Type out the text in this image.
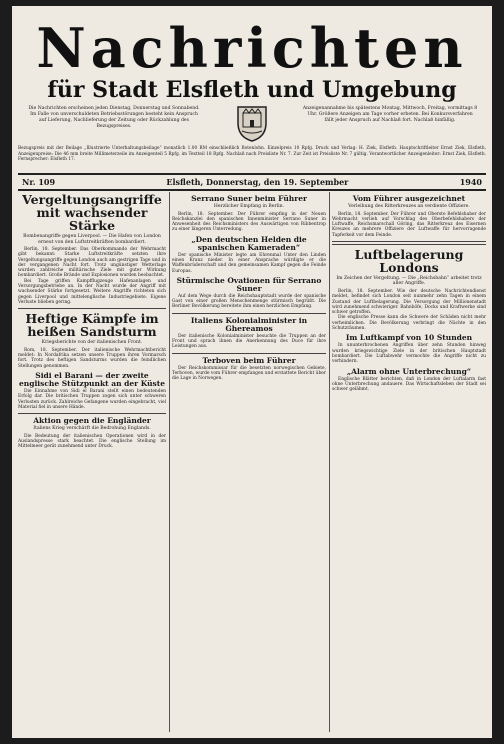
Nachrichten
für Stadt Elsfleth und Umgebung
Die Nachrichten erscheinen jeden Dienstag, Donnerstag und Sonnabend. Im Falle von unverschuldeten Betriebsstörungen besteht kein Anspruch auf Lieferung, Nachlieferung der Zeitung oder Rückzahlung des Bezugspreises.
Anzeigenannahme bis spätestens Montag, Mittwoch, Freitag, vormittags 8 Uhr. Größere Anzeigen am Tage vorher erbeten. Bei Konkursverfahren fällt jeder Anspruch auf Nachlaß fort. Nachlaß hinfällig.
Bezugspreis mit der Beilage „Illustrierte Unterhaltungsbeilage“ monatlich 1.00 RM einschließlich Botenlohn. Einzelpreis 10 Rpfg. Druck und Verlag: H. Ziek, Elsfleth. Hauptschriftleiter Ernst Ziek, Elsfleth. Anzeigenpreise: Die 46 mm breite Millimeterzeile im Anzeigenteil 5 Rpfg. im Textteil 18 Rpfg. Nachlaß nach Preisliste Nr. 7. Zur Zeit ist Preisliste Nr. 7 gültig. Verantwortlicher Anzeigenleiter: Ernst Ziek, Elsfleth. Fernsprecher: Elsfleth 17.
Nr. 109	Elsfleth, Donnerstag, den 19. September	1940
Vergeltungsangriffe mit wachsender Stärke
Bombenangriffe gegen Liverpool. — Die Hafen von London erneut von den Luftstreitkräften bombardiert.

Berlin, 18. September. Das Oberkommando der Wehrmacht gibt bekannt: Starke Luftstreitkräfte setzten ihre Vergeltungsangriffe gegen London auch am gestrigen Tage und in der vergangenen Nacht fort. Trotz ungünstiger Wetterlage wurden zahlreiche militärische Ziele mit guter Wirkung bombardiert. Große Brände und Explosionen wurden beobachtet.

Bei Tage griffen Kampfflugzeuge Hafenanlagen und Versorgungsbetriebe an. In der Nacht wurde der Angriff mit wachsender Stärke fortgesetzt. Weitere Angriffe richteten sich gegen Liverpool und mittelenglische Industriegebiete. Eigene Verluste blieben gering.

Heftige Kämpfe im heißen Sandsturm
Kriegsberichte von der italienischen Front.

Rom, 18. September. Der italienische Wehrmachtbericht meldet: In Nordafrika setzen unsere Truppen ihren Vormarsch fort. Trotz des heftigen Sandsturms wurden die feindlichen Stellungen genommen.

Sidi el Barani — der zweite englische Stützpunkt an der Küste

Die Einnahme von Sidi el Barani stellt einen bedeutenden Erfolg dar. Die britischen Truppen zogen sich unter schweren Verlusten zurück. Zahlreiche Gefangene wurden eingebracht, viel Material fiel in unsere Hände.

Aktion gegen die Engländer
Italiens Krieg verschärft die Bedrohung Englands.

Die Bedeutung der italienischen Operationen wird in der Auslandspresse stark beachtet. Die englische Stellung im Mittelmeer gerät zunehmend unter Druck.

Serrano Suner beim Führer
Herzlicher Empfang in Berlin.

Berlin, 18. September. Der Führer empfing in der Neuen Reichskanzlei den spanischen Innenminister Serrano Suner in Anwesenheit des Reichsministers des Auswärtigen von Ribbentrop zu einer längeren Unterredung.

„Den deutschen Helden die spanischen Kameraden“

Der spanische Minister legte am Ehrenmal Unter den Linden einen Kranz nieder. In einer Ansprache würdigte er die Waffenbrüderschaft und den gemeinsamen Kampf gegen die Feinde Europas.

Stürmische Ovationen für Serrano Suner

Auf dem Wege durch die Reichshauptstadt wurde der spanische Gast von einer großen Menschenmenge stürmisch begrüßt. Die Berliner Bevölkerung bereitete ihm einen herzlichen Empfang.

Italiens Kolonialminister in Ghereamos

Der italienische Kolonialminister besuchte die Truppen an der Front und sprach ihnen die Anerkennung des Duce für ihre Leistungen aus.

Terboven beim Führer

Der Reichskommissar für die besetzten norwegischen Gebiete, Terboven, wurde vom Führer empfangen und erstattete Bericht über die Lage in Norwegen.

Vom Führer ausgezeichnet
Verleihung des Ritterkreuzes an verdiente Offiziere.

Berlin, 18. September. Der Führer und Oberste Befehlshaber der Wehrmacht verlieh auf Vorschlag des Oberbefehlshabers der Luftwaffe, Reichsmarschall Göring, das Ritterkreuz des Eisernen Kreuzes an mehrere Offiziere der Luftwaffe für hervorragende Tapferkeit vor dem Feinde.

Luftbelagerung Londons
Im Zeichen der Vergeltung. — Die „Reichsbahn“ arbeitet trotz aller Angriffe.

Berlin, 18. September. Wie der deutsche Nachrichtendienst meldet, befindet sich London seit nunmehr zehn Tagen in einem Zustand der Luftbelagerung. Die Versorgung der Millionenstadt wird zunehmend schwieriger. Bahnhöfe, Docks und Kraftwerke sind schwer getroffen.

Die englische Presse kann die Schwere der Schäden nicht mehr verheimlichen. Die Bevölkerung verbringt die Nächte in den Schutzräumen.

Im Luftkampf von 10 Stunden

In ununterbrochenen Angriffen über zehn Stunden hinweg wurden kriegswichtige Ziele in der britischen Hauptstadt bombardiert. Die Luftabwehr vermochte die Angriffe nicht zu verhindern.

„Alarm ohne Unterbrechung“

Englische Blätter berichten, daß in London der Luftalarm fast ohne Unterbrechung andauere. Das Wirtschaftsleben der Stadt sei schwer gelähmt.
